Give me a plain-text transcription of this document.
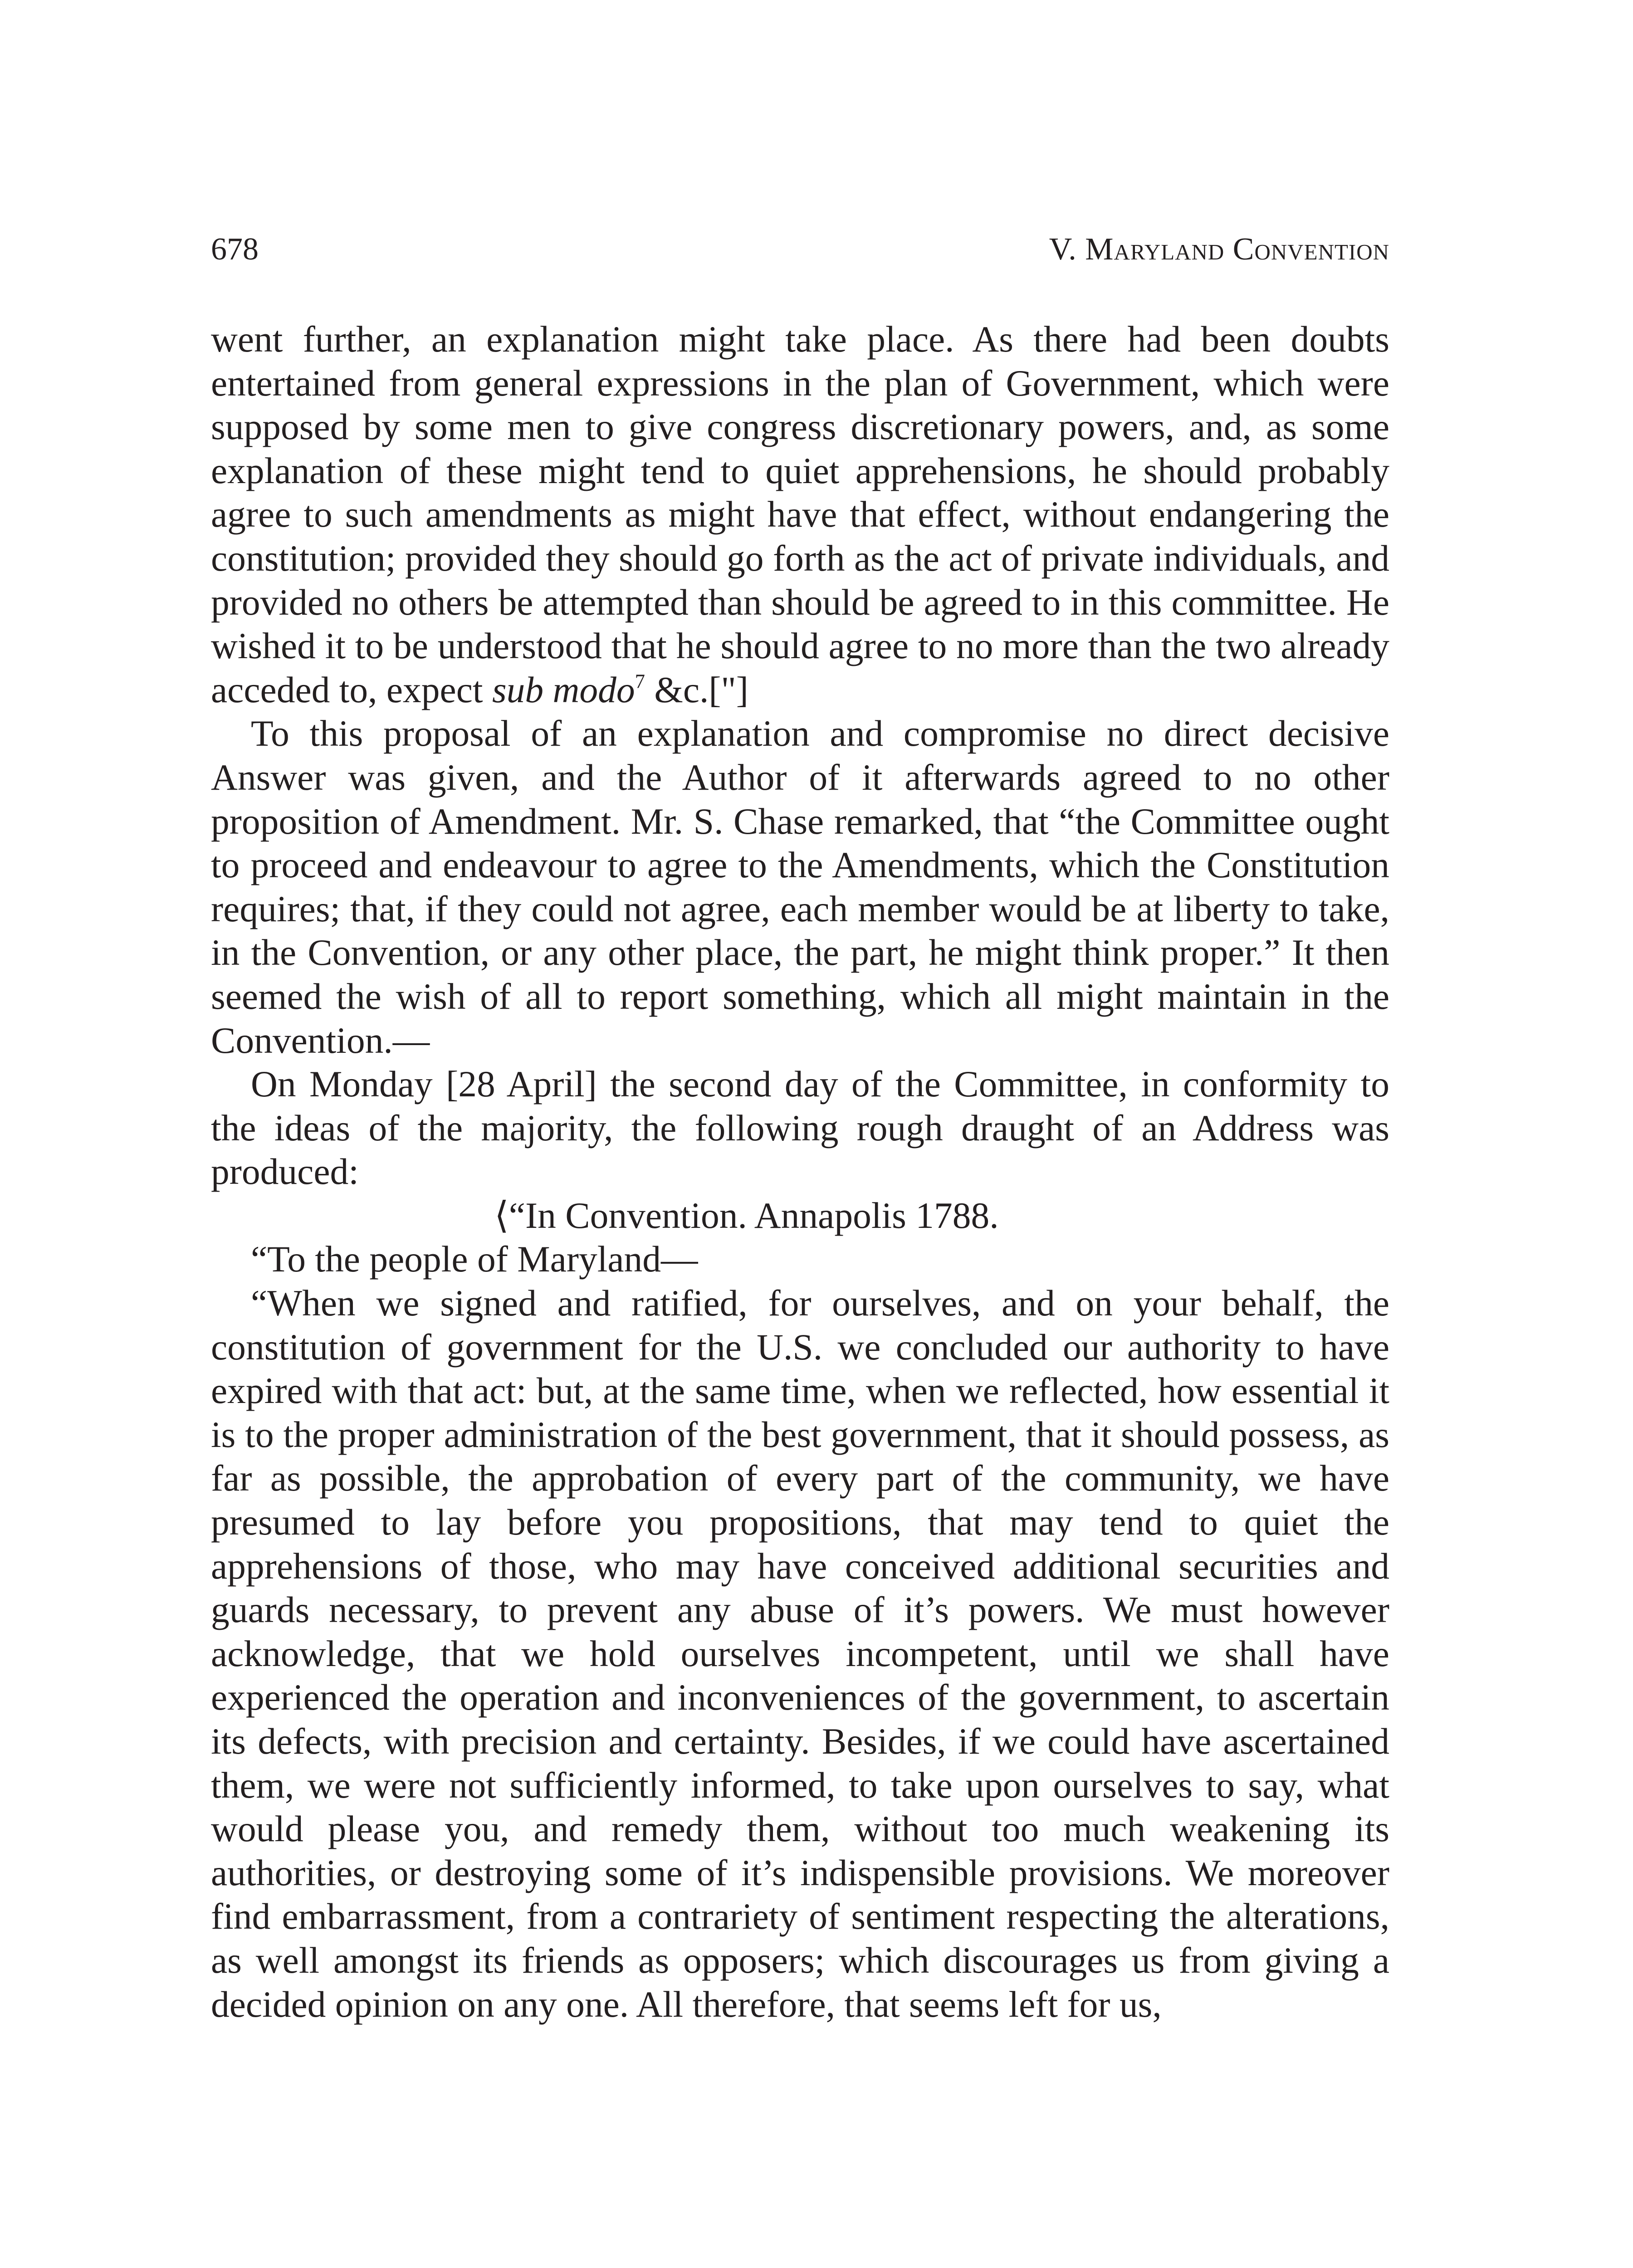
678	V. Maryland Convention

went further, an explanation might take place. As there had been doubts entertained from general expressions in the plan of Government, which were supposed by some men to give congress discretionary powers, and, as some explanation of these might tend to quiet apprehensions, he should probably agree to such amendments as might have that effect, without endangering the constitution; provided they should go forth as the act of private individuals, and provided no others be attempted than should be agreed to in this committee. He wished it to be understood that he should agree to no more than the two already acceded to, expect sub modo$^7$ &c.["]

To this proposal of an explanation and compromise no direct decisive Answer was given, and the Author of it afterwards agreed to no other proposition of Amendment. Mr. S. Chase remarked, that “the Committee ought to proceed and endeavour to agree to the Amendments, which the Constitution requires; that, if they could not agree, each member would be at liberty to take, in the Convention, or any other place, the part, he might think proper.” It then seemed the wish of all to report something, which all might maintain in the Convention.—

On Monday [28 April] the second day of the Committee, in conformity to the ideas of the majority, the following rough draught of an Address was produced:

⟨“In Convention. Annapolis 1788.

“To the people of Maryland—

“When we signed and ratified, for ourselves, and on your behalf, the constitution of government for the U.S. we concluded our authority to have expired with that act: but, at the same time, when we reflected, how essential it is to the proper administration of the best government, that it should possess, as far as possible, the approbation of every part of the community, we have presumed to lay before you propositions, that may tend to quiet the apprehensions of those, who may have conceived additional securities and guards necessary, to prevent any abuse of it’s powers. We must however acknowledge, that we hold ourselves incompetent, until we shall have experienced the operation and inconveniences of the government, to ascertain its defects, with precision and certainty. Besides, if we could have ascertained them, we were not sufficiently informed, to take upon ourselves to say, what would please you, and remedy them, without too much weakening its authorities, or destroying some of it’s indispensible provisions. We moreover find embarrassment, from a contrariety of sentiment respecting the alterations, as well amongst its friends as opposers; which discourages us from giving a decided opinion on any one. All therefore, that seems left for us,
